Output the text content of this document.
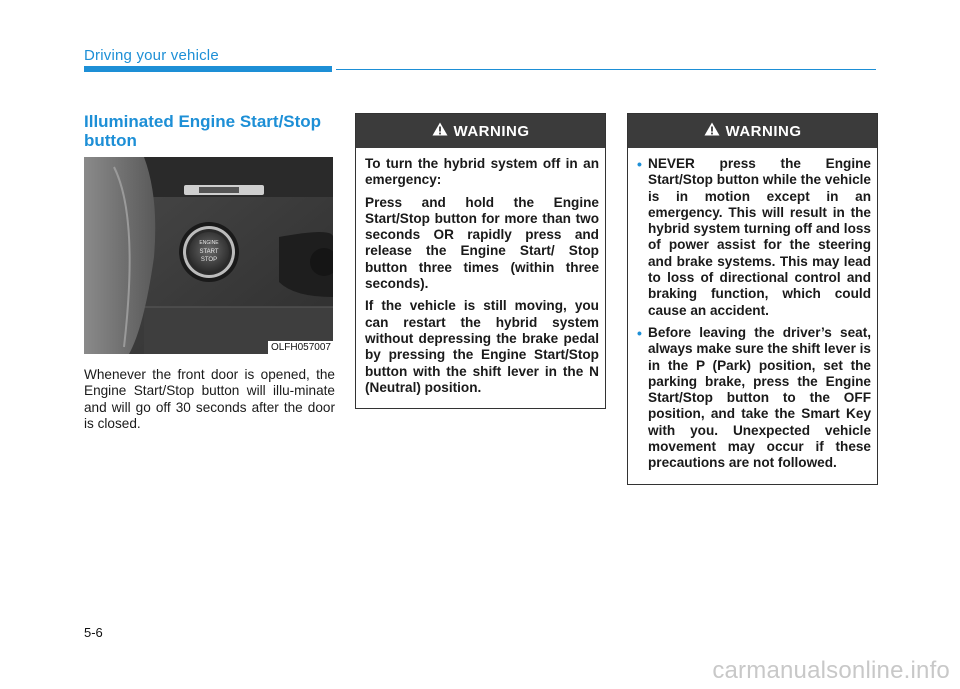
Driving your vehicle
Illuminated Engine Start/Stop button
ENGINE
START
STOP
OLFH057007
Whenever the front door is opened, the Engine Start/Stop button will illu-minate and will go off 30 seconds after the door is closed.
WARNING

To turn the hybrid system off in an emergency:

Press and hold the Engine Start/Stop button for more than two seconds OR rapidly press and release the Engine Start/ Stop button three times (within three seconds).

If the vehicle is still moving, you can restart the hybrid system without depressing the brake pedal by pressing the Engine Start/Stop button with the shift lever in the N (Neutral) position.

WARNING
• NEVER press the Engine Start/Stop button while the vehicle is in motion except in an emergency. This will result in the hybrid system turning off and loss of power assist for the steering and brake systems. This may lead to loss of directional control and braking function, which could cause an accident.
• Before leaving the driver’s seat, always make sure the shift lever is in the P (Park) position, set the parking brake, press the Engine Start/Stop button to the OFF position, and take the Smart Key with you. Unexpected vehicle movement may occur if these precautions are not followed.
5-6
carmanualsonline.info
